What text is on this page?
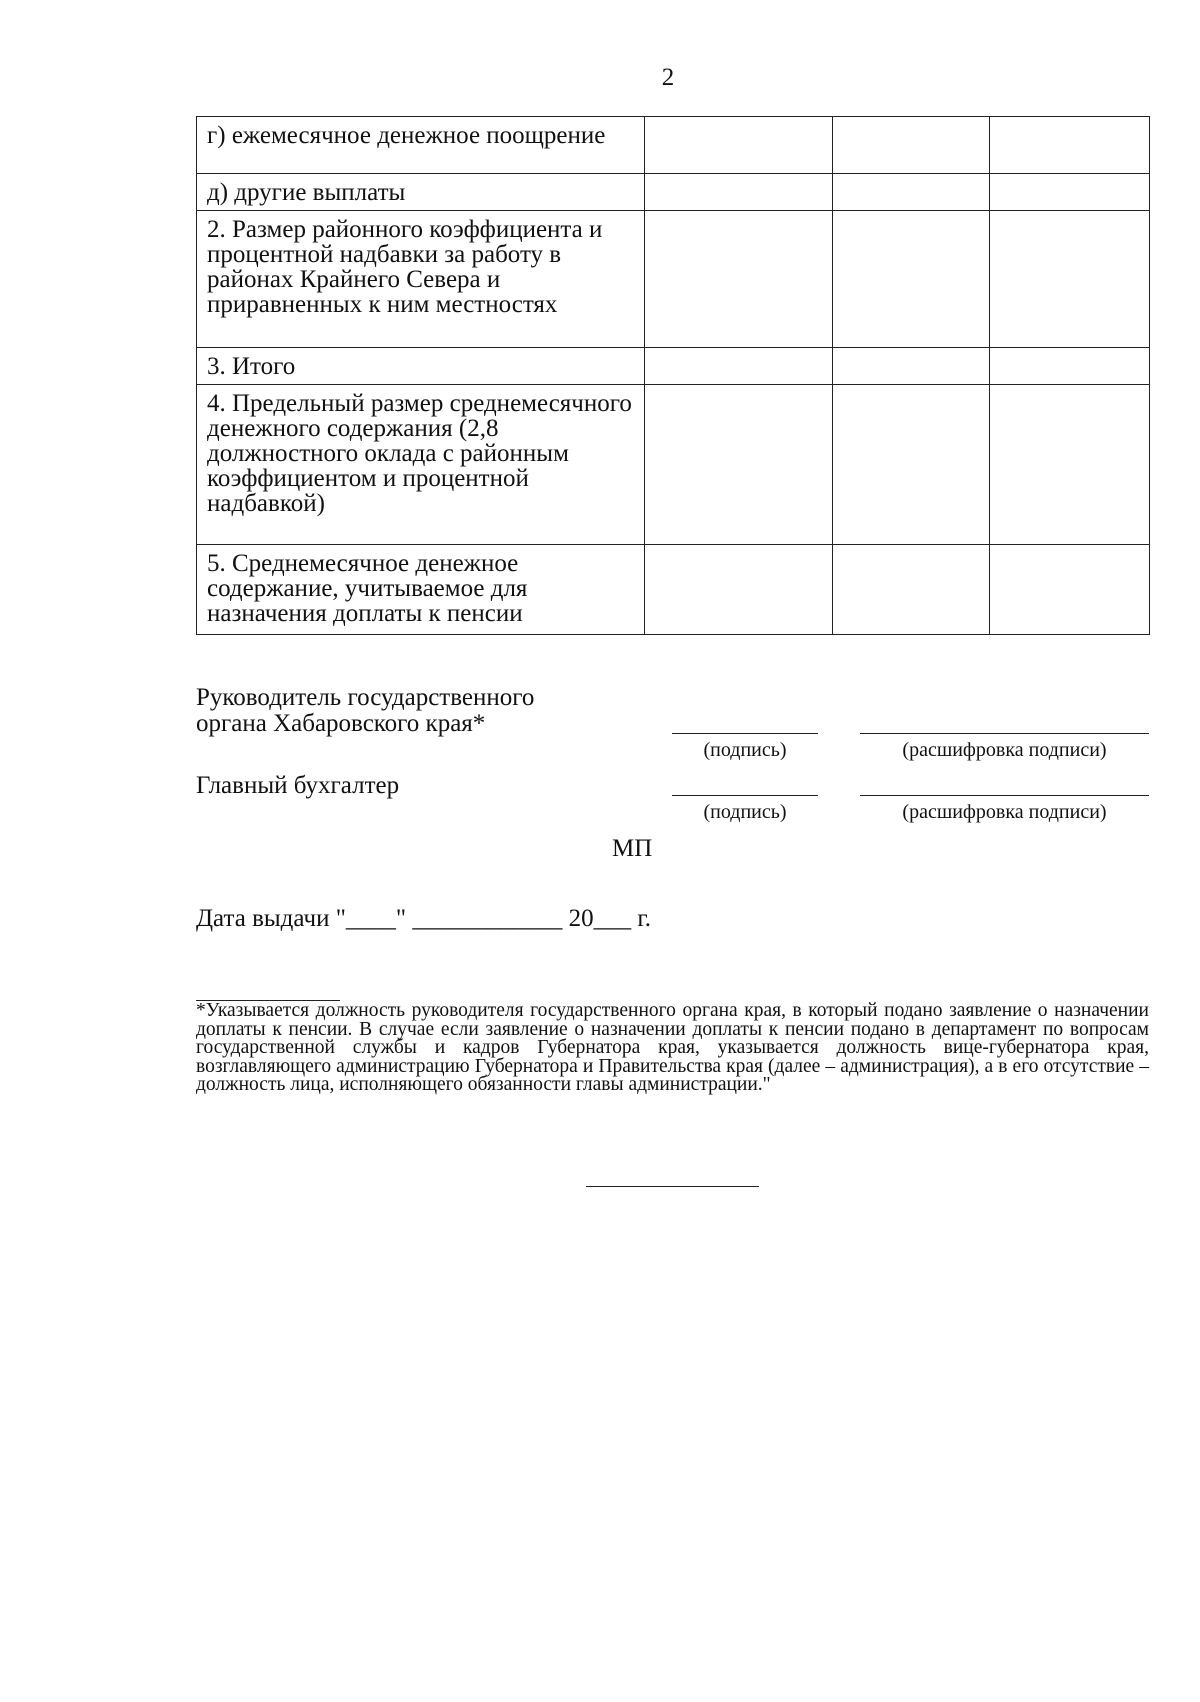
2
г) ежемесячное денежное поощрение			
д) другие выплаты			
2. Размер районного коэффициента и процентной надбавки за работу в районах Крайнего Севера и приравненных к ним местностях			
3. Итого			
4. Предельный размер среднемесячного денежного содержания (2,8 должностного оклада с районным коэффициентом и процентной надбавкой)			
5. Среднемесячное денежное содержание, учитываемое для назначения доплаты к пенсии			
Руководитель государственного
органа Хабаровского края*
(подпись)	(расшифровка подписи)
Главный бухгалтер
(подпись)	(расшифровка подписи)
МП
Дата выдачи "____" ____________ 20___ г.
*Указывается должность руководителя государственного органа края, в который подано заявление о назначении доплаты к пенсии. В случае если заявление о назначении доплаты к пенсии подано в департамент по вопросам государственной службы и кадров Губернатора края, указывается должность вице-губернатора края, возглавляющего администрацию Губернатора и Правительства края (далее – администрация), а в его отсутствие – должность лица, исполняющего обязанности главы администрации."
